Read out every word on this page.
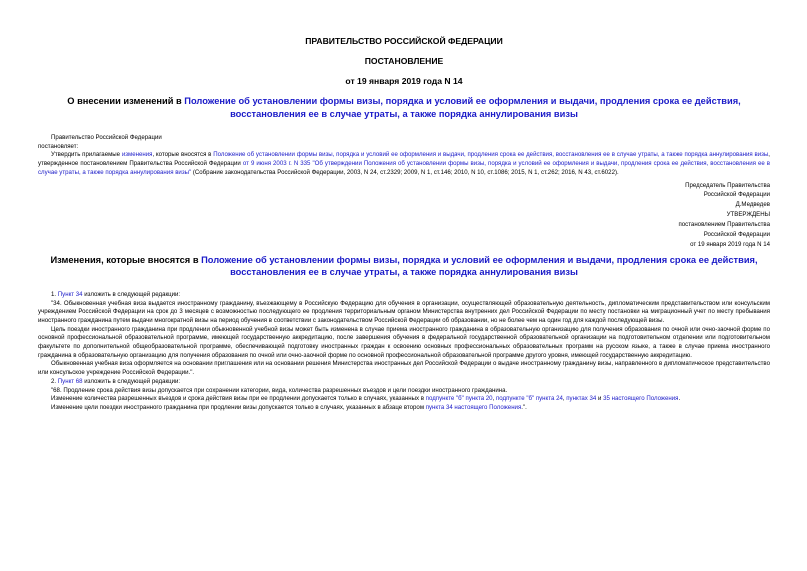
ПРАВИТЕЛЬСТВО РОССИЙСКОЙ ФЕДЕРАЦИИ
ПОСТАНОВЛЕНИЕ
от 19 января 2019 года N 14
О внесении изменений в Положение об установлении формы визы, порядка и условий ее оформления и выдачи, продления срока ее действия, восстановления ее в случае утраты, а также порядка аннулирования визы

Правительство Российской Федерации

постановляет:

Утвердить прилагаемые изменения, которые вносятся в Положение об установлении формы визы, порядка и условий ее оформления и выдачи, продления срока ее действия, восстановления ее в случае утраты, а также порядка аннулирования визы, утвержденное постановлением Правительства Российской Федерации от 9 июня 2003 г. N 335 "Об утверждении Положения об установлении формы визы, порядка и условий ее оформления и выдачи, продления срока ее действия, восстановления ее в случае утраты, а также порядка аннулирования визы" (Собрание законодательства Российской Федерации, 2003, N 24, ст.2329; 2009, N 1, ст.146; 2010, N 10, ст.1086; 2015, N 1, ст.262; 2016, N 43, ст.6022).

Председатель Правительства
Российской Федерации
Д.Медведев
УТВЕРЖДЕНЫ
постановлением Правительства
Российской Федерации
от 19 января 2019 года N 14
Изменения, которые вносятся в Положение об установлении формы визы, порядка и условий ее оформления и выдачи, продления срока ее действия, восстановления ее в случае утраты, а также порядка аннулирования визы

1. Пункт 34 изложить в следующей редакции:

"34. Обыкновенная учебная виза выдается иностранному гражданину, въезжающему в Российскую Федерацию для обучения в организации, осуществляющей образовательную деятельность, дипломатическим представительством или консульским учреждением Российской Федерации на срок до 3 месяцев с возможностью последующего ее продления территориальным органом Министерства внутренних дел Российской Федерации по месту постановки на миграционный учет по месту пребывания иностранного гражданина путем выдачи многократной визы на период обучения в соответствии с законодательством Российской Федерации об образовании, но не более чем на один год для каждой последующей визы.

Цель поездки иностранного гражданина при продлении обыкновенной учебной визы может быть изменена в случае приема иностранного гражданина в образовательную организацию для получения образования по очной или очно-заочной форме по основной профессиональной образовательной программе, имеющей государственную аккредитацию, после завершения обучения в федеральной государственной образовательной организации на подготовительном отделении или подготовительном факультете по дополнительной общеобразовательной программе, обеспечивающей подготовку иностранных граждан к освоению основных профессиональных образовательных программ на русском языке, а также в случае приема иностранного гражданина в образовательную организацию для получения образования по очной или очно-заочной форме по основной профессиональной образовательной программе другого уровня, имеющей государственную аккредитацию.

Обыкновенная учебная виза оформляется на основании приглашения или на основании решения Министерства иностранных дел Российской Федерации о выдаче иностранному гражданину визы, направленного в дипломатическое представительство или консульское учреждение Российской Федерации.".

2. Пункт 68 изложить в следующей редакции:

"68. Продление срока действия визы допускается при сохранении категории, вида, количества разрешенных въездов и цели поездки иностранного гражданина.

Изменение количества разрешенных въездов и срока действия визы при ее продлении допускается только в случаях, указанных в подпункте "б" пункта 20, подпункте "б" пункта 24, пунктах 34 и 35 настоящего Положения.

Изменение цели поездки иностранного гражданина при продлении визы допускается только в случаях, указанных в абзаце втором пункта 34 настоящего Положения.".
